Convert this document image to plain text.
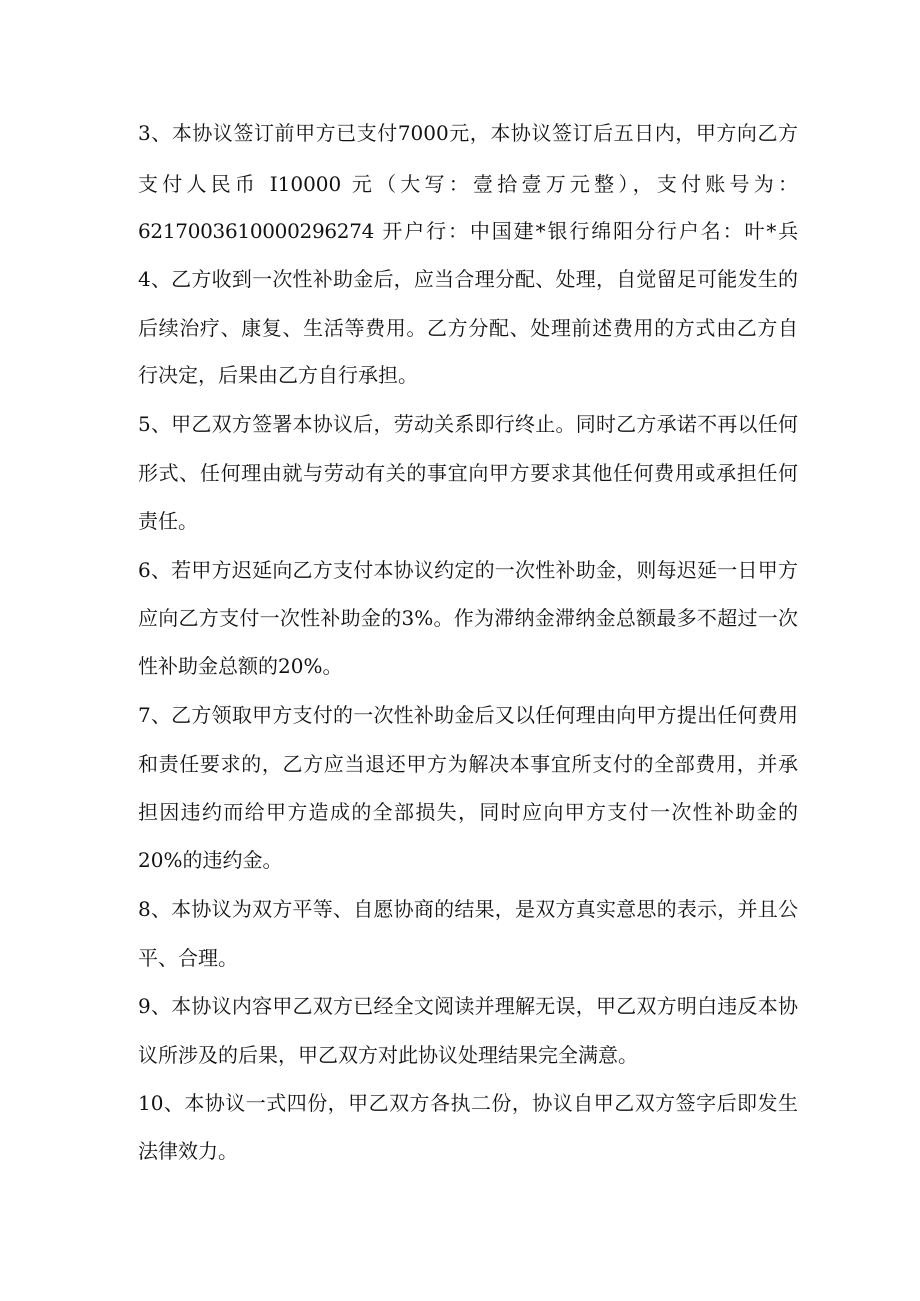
3、本协议签订前甲方已支付7000元，本协议签订后五日内，甲方向乙方
支付人民币 I10000 元（大写：壹拾壹万元整），支付账号为：
6217003610000296274 开户行：中国建*银行绵阳分行户名：叶*兵
4、乙方收到一次性补助金后，应当合理分配、处理，自觉留足可能发生的
后续治疗、康复、生活等费用。乙方分配、处理前述费用的方式由乙方自
行决定，后果由乙方自行承担。
5、甲乙双方签署本协议后，劳动关系即行终止。同时乙方承诺不再以任何
形式、任何理由就与劳动有关的事宜向甲方要求其他任何费用或承担任何
责任。
6、若甲方迟延向乙方支付本协议约定的一次性补助金，则每迟延一日甲方
应向乙方支付一次性补助金的3%。作为滞纳金滞纳金总额最多不超过一次
性补助金总额的20%。
7、乙方领取甲方支付的一次性补助金后又以任何理由向甲方提出任何费用
和责任要求的，乙方应当退还甲方为解决本事宜所支付的全部费用，并承
担因违约而给甲方造成的全部损失，同时应向甲方支付一次性补助金的
20%的违约金。
8、本协议为双方平等、自愿协商的结果，是双方真实意思的表示，并且公
平、合理。
9、本协议内容甲乙双方已经全文阅读并理解无误，甲乙双方明白违反本协
议所涉及的后果，甲乙双方对此协议处理结果完全满意。
10、本协议一式四份，甲乙双方各执二份，协议自甲乙双方签字后即发生
法律效力。
